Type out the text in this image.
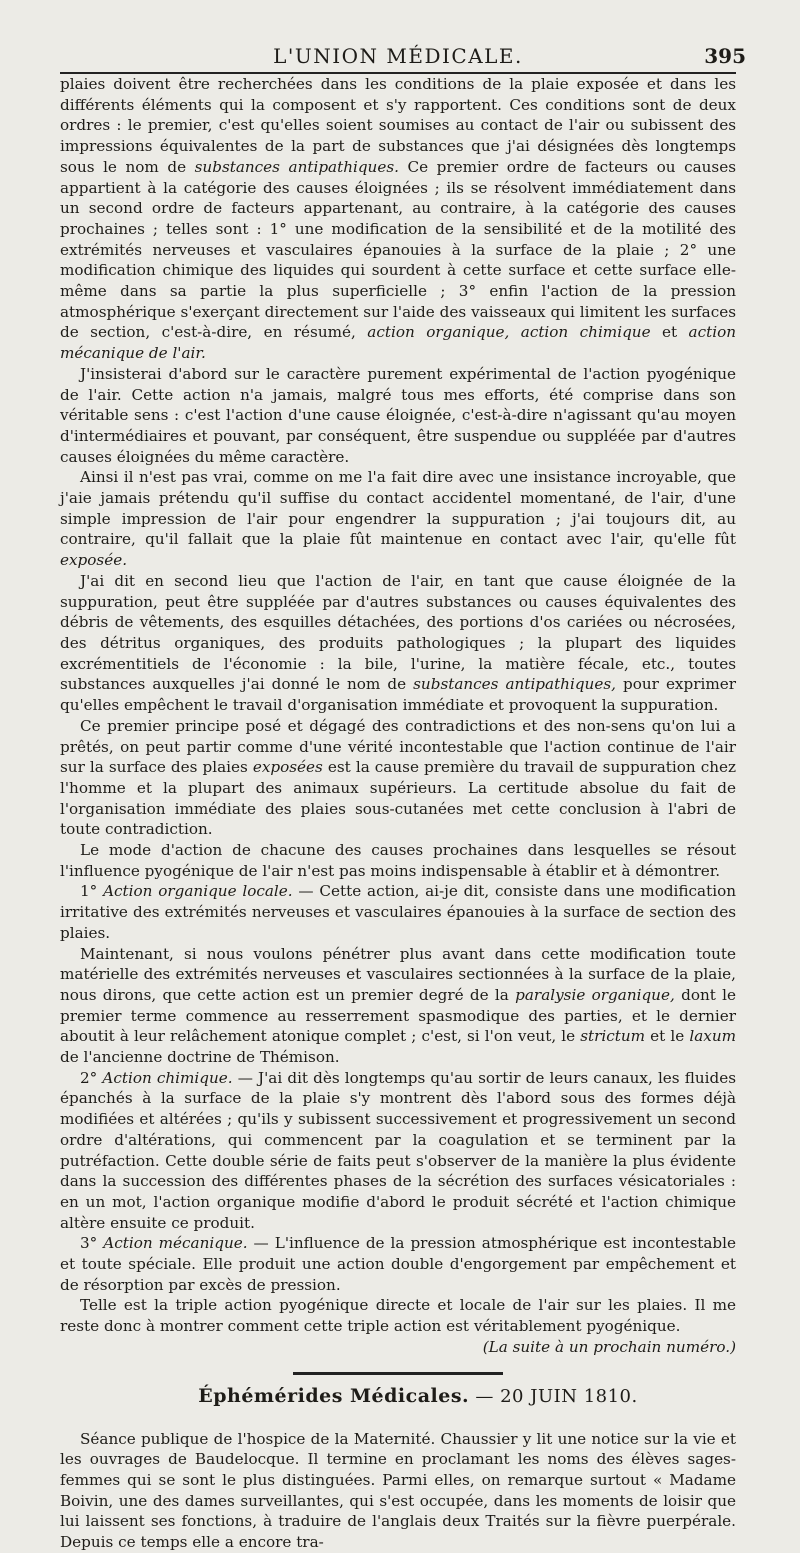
L'UNION MÉDICALE.	395

plaies doivent être recherchées dans les conditions de la plaie exposée et dans les différents éléments qui la composent et s'y rapportent. Ces conditions sont de deux ordres : le premier, c'est qu'elles soient soumises au contact de l'air ou subissent des impressions équivalentes de la part de substances que j'ai désignées dès longtemps sous le nom de substances antipathiques. Ce premier ordre de facteurs ou causes appartient à la catégorie des causes éloignées ; ils se résolvent immédiatement dans un second ordre de facteurs appartenant, au contraire, à la catégorie des causes prochaines ; telles sont : 1° une modification de la sensibilité et de la motilité des extrémités nerveuses et vasculaires épanouies à la surface de la plaie ; 2° une modification chimique des liquides qui sourdent à cette surface et cette surface elle-même dans sa partie la plus superficielle ; 3° enfin l'action de la pression atmosphérique s'exerçant directement sur l'aide des vaisseaux qui limitent les surfaces de section, c'est-à-dire, en résumé, action organique, action chimique et action mécanique de l'air.

J'insisterai d'abord sur le caractère purement expérimental de l'action pyogénique de l'air. Cette action n'a jamais, malgré tous mes efforts, été comprise dans son véritable sens : c'est l'action d'une cause éloignée, c'est-à-dire n'agissant qu'au moyen d'intermédiaires et pouvant, par conséquent, être suspendue ou suppléée par d'autres causes éloignées du même caractère.

Ainsi il n'est pas vrai, comme on me l'a fait dire avec une insistance incroyable, que j'aie jamais prétendu qu'il suffise du contact accidentel momentané, de l'air, d'une simple impression de l'air pour engendrer la suppuration ; j'ai toujours dit, au contraire, qu'il fallait que la plaie fût maintenue en contact avec l'air, qu'elle fût exposée.

J'ai dit en second lieu que l'action de l'air, en tant que cause éloignée de la suppuration, peut être suppléée par d'autres substances ou causes équivalentes des débris de vêtements, des esquilles détachées, des portions d'os cariées ou nécrosées, des détritus organiques, des produits pathologiques ; la plupart des liquides excrémentitiels de l'économie : la bile, l'urine, la matière fécale, etc., toutes substances auxquelles j'ai donné le nom de substances antipathiques, pour exprimer qu'elles empêchent le travail d'organisation immédiate et provoquent la suppuration.

Ce premier principe posé et dégagé des contradictions et des non-sens qu'on lui a prêtés, on peut partir comme d'une vérité incontestable que l'action continue de l'air sur la surface des plaies exposées est la cause première du travail de suppuration chez l'homme et la plupart des animaux supérieurs. La certitude absolue du fait de l'organisation immédiate des plaies sous-cutanées met cette conclusion à l'abri de toute contradiction.

Le mode d'action de chacune des causes prochaines dans lesquelles se résout l'influence pyogénique de l'air n'est pas moins indispensable à établir et à démontrer.

1° Action organique locale. — Cette action, ai-je dit, consiste dans une modification irritative des extrémités nerveuses et vasculaires épanouies à la surface de section des plaies.

Maintenant, si nous voulons pénétrer plus avant dans cette modification toute matérielle des extrémités nerveuses et vasculaires sectionnées à la surface de la plaie, nous dirons, que cette action est un premier degré de la paralysie organique, dont le premier terme commence au resserrement spasmodique des parties, et le dernier aboutit à leur relâchement atonique complet ; c'est, si l'on veut, le strictum et le laxum de l'ancienne doctrine de Thémison.

2° Action chimique. — J'ai dit dès longtemps qu'au sortir de leurs canaux, les fluides épanchés à la surface de la plaie s'y montrent dès l'abord sous des formes déjà modifiées et altérées ; qu'ils y subissent successivement et progressivement un second ordre d'altérations, qui commencent par la coagulation et se terminent par la putréfaction. Cette double série de faits peut s'observer de la manière la plus évidente dans la succession des différentes phases de la sécrétion des surfaces vésicatoriales : en un mot, l'action organique modifie d'abord le produit sécrété et l'action chimique altère ensuite ce produit.

3° Action mécanique. — L'influence de la pression atmosphérique est incontestable et toute spéciale. Elle produit une action double d'engorgement par empêchement et de résorption par excès de pression.

Telle est la triple action pyogénique directe et locale de l'air sur les plaies. Il me reste donc à montrer comment cette triple action est véritablement pyogénique.

(La suite à un prochain numéro.)

Éphémérides Médicales. — 20 JUIN 1810.

Séance publique de l'hospice de la Maternité. Chaussier y lit une notice sur la vie et les ouvrages de Baudelocque. Il termine en proclamant les noms des élèves sages-femmes qui se sont le plus distinguées. Parmi elles, on remarque surtout « Madame Boivin, une des dames surveillantes, qui s'est occupée, dans les moments de loisir que lui laissent ses fonctions, à traduire de l'anglais deux Traités sur la fièvre puerpérale. Depuis ce temps elle a encore tra-
